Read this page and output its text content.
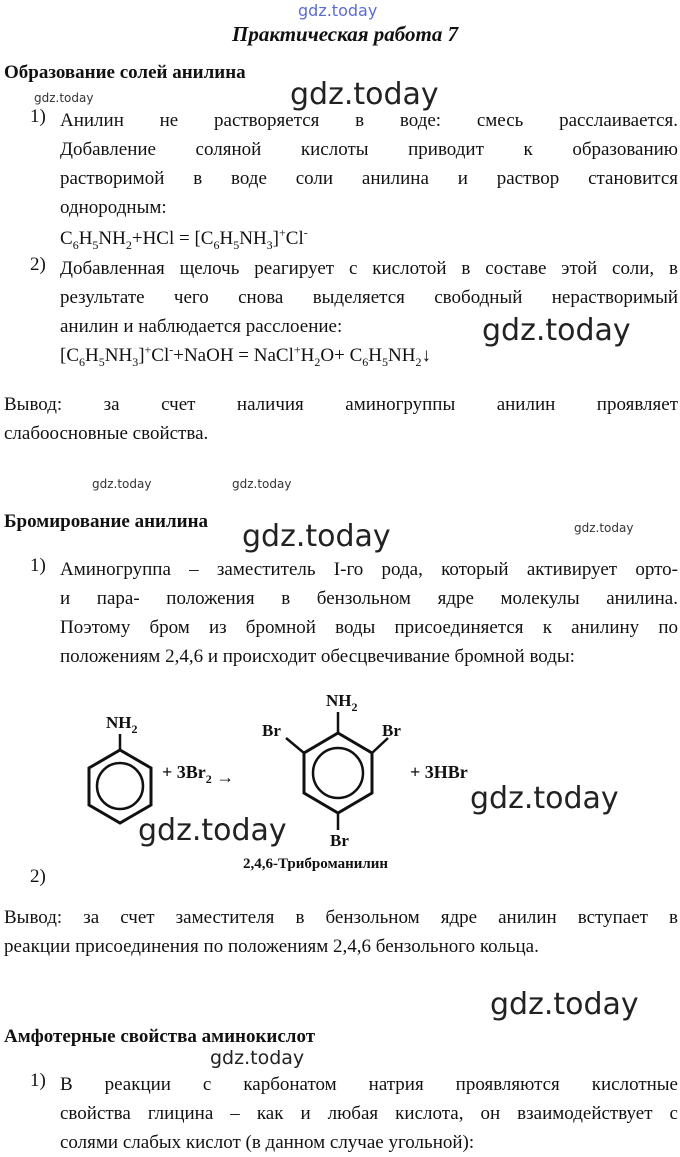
gdz.today
Практическая работа 7
Образование солей анилина
gdz.today	gdz.today
1) Анилин не растворяется в воде: смесь расслаивается.
Добавление соляной кислоты приводит к образованию
растворимой в воде соли анилина и раствор становится
однородным:
$C_6H_5NH_2+HCl = [C_6H_5NH_3]^+Cl^-$
2) Добавленная щелочь реагирует с кислотой в составе этой соли, в
результате чего снова выделяется свободный нерастворимый
анилин и наблюдается расслоение:	gdz.today
$[C_6H_5NH_3]^+Cl^-+NaOH$ = $NaCl^+H_2O+$ $C_6H_5NH_2↓$
Вывод: за счет наличия аминогруппы анилин проявляет
слабоосновные свойства.
gdz.today	gdz.today
Бромирование анилина gdz.today	gdz.today
1) Аминогруппа – заместитель I-го рода, который активирует орто-
и пара- положения в бензольном ядре молекулы анилина.
Поэтому бром из бромной воды присоединяется к анилину по
положениям 2,4,6 и происходит обесцвечивание бромной воды:
$NH_2$
+ $3Br_2$ →
$NH_2$
Br	Br
Br
+ 3HBr
2,4,6-Триброманилин
gdz.today
gdz.today
2)
Вывод: за счет заместителя в бензольном ядре анилин вступает в
реакции присоединения по положениям 2,4,6 бензольного кольца.
gdz.today
Амфотерные свойства аминокислот
gdz.today
1) В реакции с карбонатом натрия проявляются кислотные
свойства глицина – как и любая кислота, он взаимодействует с
солями слабых кислот (в данном случае угольной):
